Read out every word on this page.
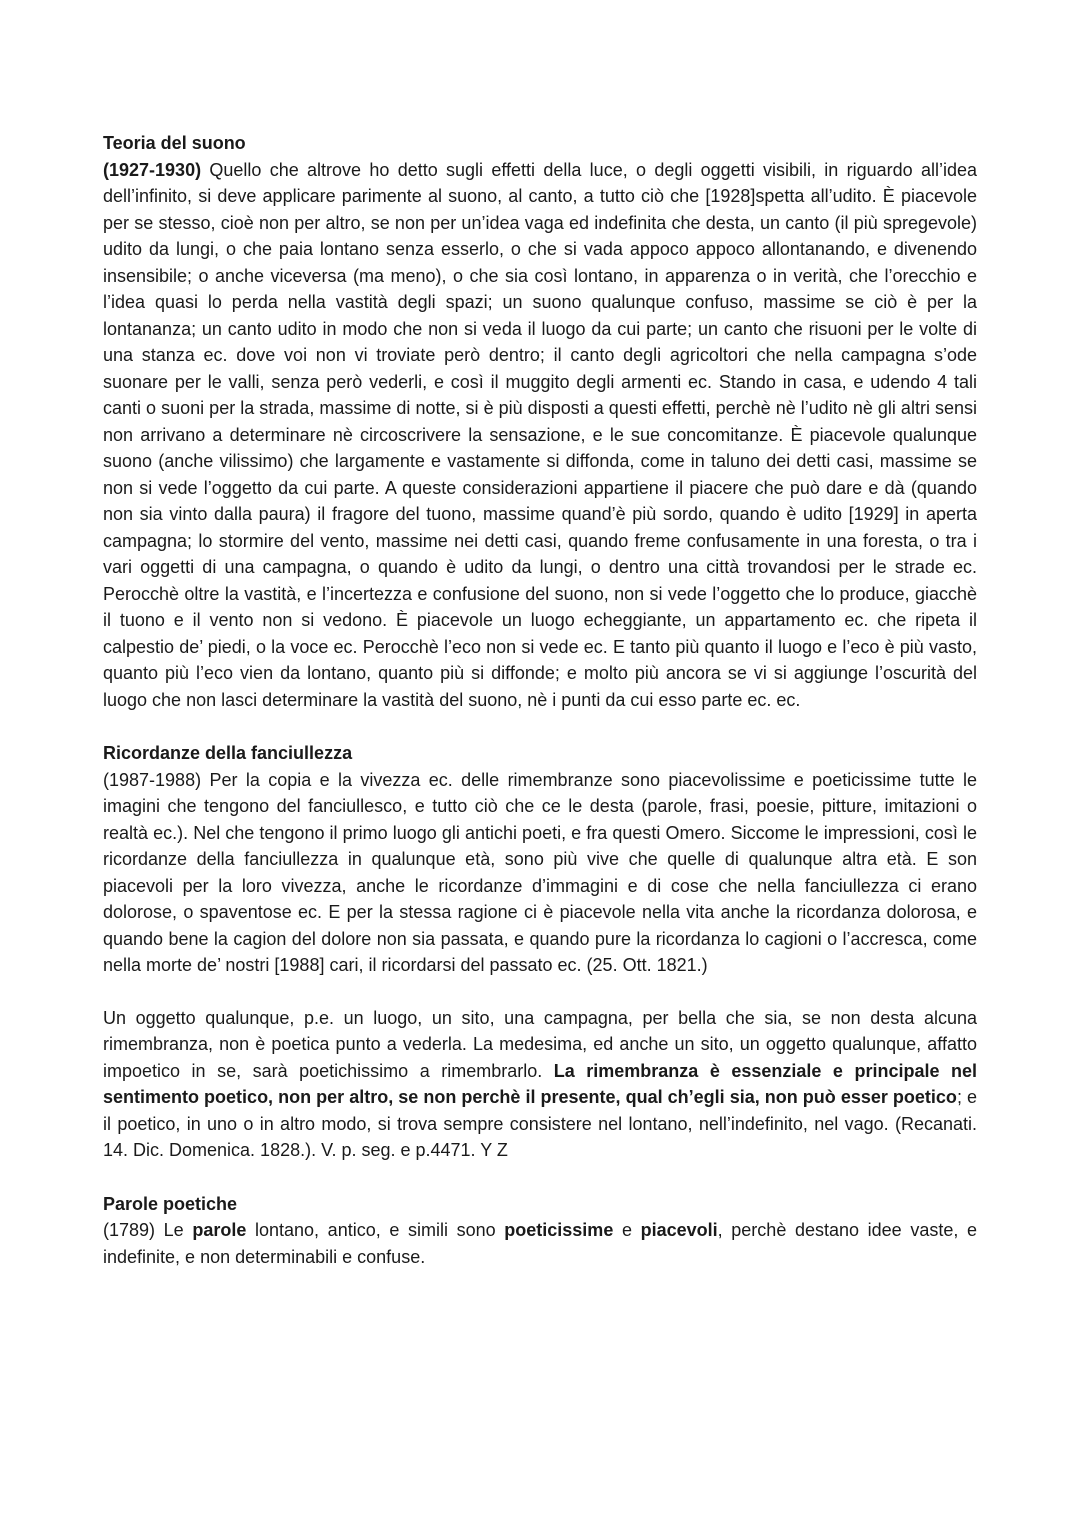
Teoria del suono

(1927-1930) Quello che altrove ho detto sugli effetti della luce, o degli oggetti visibili, in riguardo all’idea dell’infinito, si deve applicare parimente al suono, al canto, a tutto ciò che [1928]spetta all’udito. È piacevole per se stesso, cioè non per altro, se non per un’idea vaga ed indefinita che desta, un canto (il più spregevole) udito da lungi, o che paia lontano senza esserlo, o che si vada appoco appoco allontanando, e divenendo insensibile; o anche viceversa (ma meno), o che sia così lontano, in apparenza o in verità, che l’orecchio e l’idea quasi lo perda nella vastità degli spazi; un suono qualunque confuso, massime se ciò è per la lontananza; un canto udito in modo che non si veda il luogo da cui parte; un canto che risuoni per le volte di una stanza ec. dove voi non vi troviate però dentro; il canto degli agricoltori che nella campagna s’ode suonare per le valli, senza però vederli, e così il muggito degli armenti ec. Stando in casa, e udendo 4 tali canti o suoni per la strada, massime di notte, si è più disposti a questi effetti, perchè nè l’udito nè gli altri sensi non arrivano a determinare nè circoscrivere la sensazione, e le sue concomitanze. È piacevole qualunque suono (anche vilissimo) che largamente e vastamente si diffonda, come in taluno dei detti casi, massime se non si vede l’oggetto da cui parte. A queste considerazioni appartiene il piacere che può dare e dà (quando non sia vinto dalla paura) il fragore del tuono, massime quand’è più sordo, quando è udito [1929] in aperta campagna; lo stormire del vento, massime nei detti casi, quando freme confusamente in una foresta, o tra i vari oggetti di una campagna, o quando è udito da lungi, o dentro una città trovandosi per le strade ec. Perocchè oltre la vastità, e l’incertezza e confusione del suono, non si vede l’oggetto che lo produce, giacchè il tuono e il vento non si vedono. È piacevole un luogo echeggiante, un appartamento ec. che ripeta il calpestio de’ piedi, o la voce ec. Perocchè l’eco non si vede ec. E tanto più quanto il luogo e l’eco è più vasto, quanto più l’eco vien da lontano, quanto più si diffonde; e molto più ancora se vi si aggiunge l’oscurità del luogo che non lasci determinare la vastità del suono, nè i punti da cui esso parte ec. ec.

Ricordanze della fanciullezza

(1987-1988) Per la copia e la vivezza ec. delle rimembranze sono piacevolissime e poeticissime tutte le imagini che tengono del fanciullesco, e tutto ciò che ce le desta (parole, frasi, poesie, pitture, imitazioni o realtà ec.). Nel che tengono il primo luogo gli antichi poeti, e fra questi Omero. Siccome le impressioni, così le ricordanze della fanciullezza in qualunque età, sono più vive che quelle di qualunque altra età. E son piacevoli per la loro vivezza, anche le ricordanze d’immagini e di cose che nella fanciullezza ci erano dolorose, o spaventose ec. E per la stessa ragione ci è piacevole nella vita anche la ricordanza dolorosa, e quando bene la cagion del dolore non sia passata, e quando pure la ricordanza lo cagioni o l’accresca, come nella morte de’ nostri [1988] cari, il ricordarsi del passato ec. (25. Ott. 1821.)

Un oggetto qualunque, p.e. un luogo, un sito, una campagna, per bella che sia, se non desta alcuna rimembranza, non è poetica punto a vederla. La medesima, ed anche un sito, un oggetto qualunque, affatto impoetico in se, sarà poetichissimo a rimembrarlo. La rimembranza è essenziale e principale nel sentimento poetico, non per altro, se non perchè il presente, qual ch’egli sia, non può esser poetico; e il poetico, in uno o in altro modo, si trova sempre consistere nel lontano, nell’indefinito, nel vago. (Recanati. 14. Dic. Domenica. 1828.). V. p. seg. e p.4471. Y Z

Parole poetiche

(1789) Le parole lontano, antico, e simili sono poeticissime e piacevoli, perchè destano idee vaste, e indefinite, e non determinabili e confuse.
